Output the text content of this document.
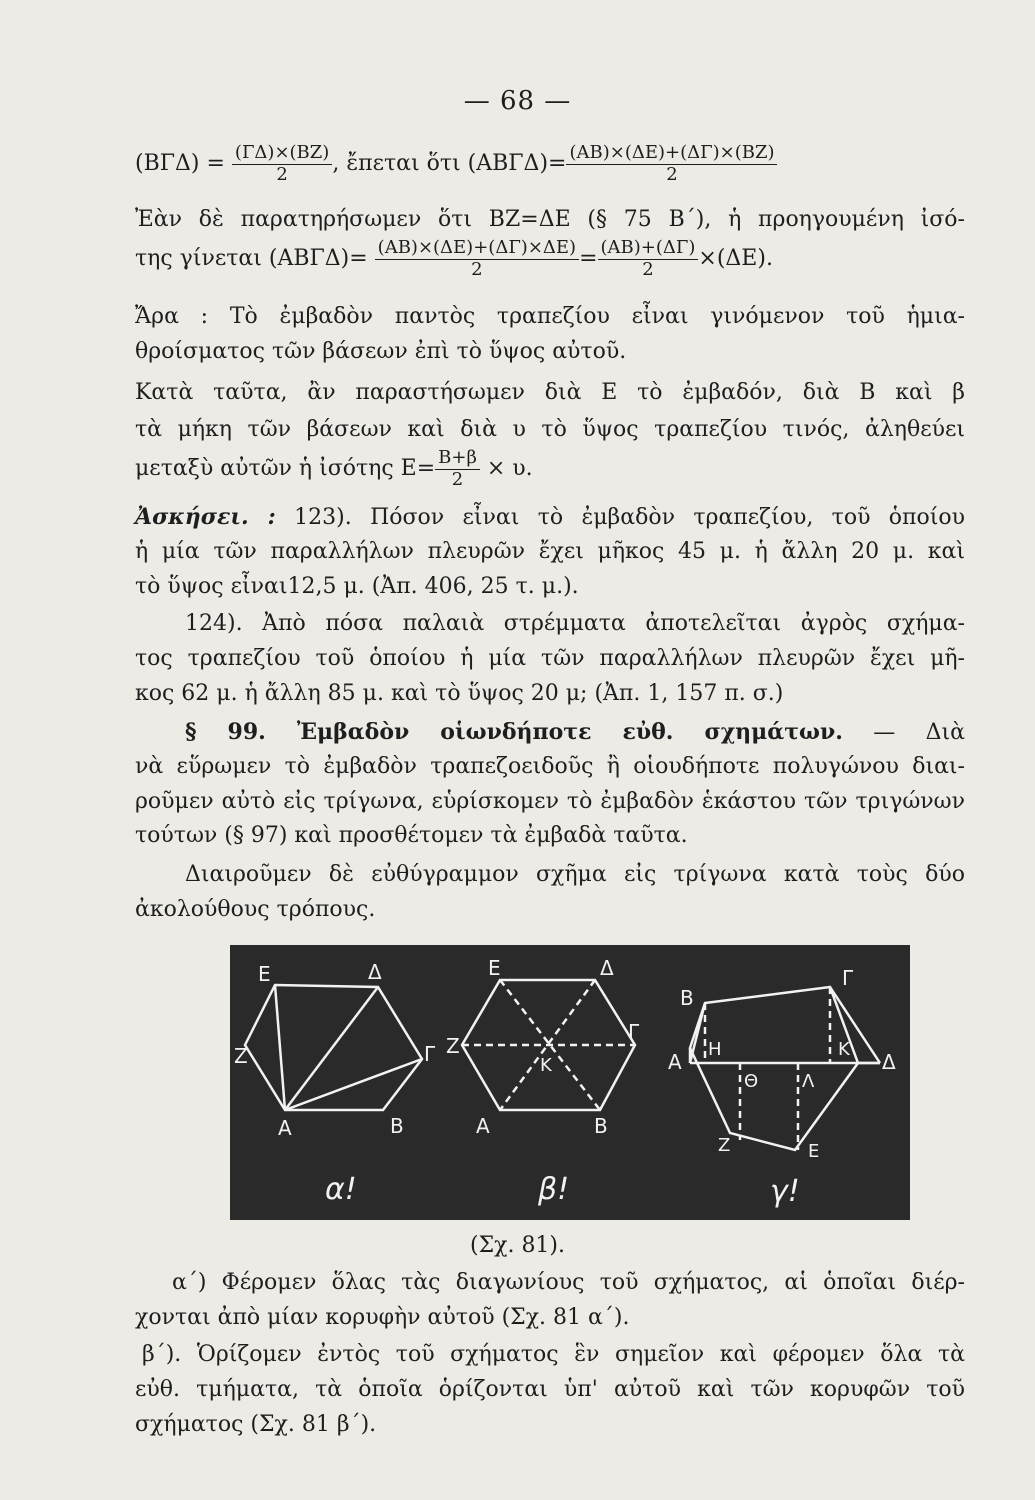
— 68 —
$(B\Gamma\Delta) = \frac{(\Gamma\Delta)\times(BZ)}{2}$ , ἔπεται ὅτι $(AB\Gamma\Delta)= \frac{(AB)\times(\Delta E)+(\Delta\Gamma)\times(BZ)}{2}$
Ἐὰν δὲ παρατηρήσωμεν ὅτι ΒΖ=ΔΕ (§ 75 Β΄), ἡ προηγουμένη ἰσό-
της γίνεται $(AB\Gamma\Delta)= \frac{(AB)\times(\Delta E)+(\Delta\Gamma)\times\Delta E)}{2} = \frac{(AB)+(\Delta\Gamma)}{2} \times(\Delta E)$.
Ἄρα : Τὸ ἐμβαδὸν παντὸς τραπεζίου εἶναι γινόμενον τοῦ ἡμια-
θροίσματος τῶν βάσεων ἐπὶ τὸ ὕψος αὐτοῦ.
Κατὰ ταῦτα, ἂν παραστήσωμεν διὰ Ε τὸ ἐμβαδόν, διὰ Β καὶ β
τὰ μήκη τῶν βάσεων καὶ διὰ υ τὸ ὕψος τραπεζίου τινός, ἀληθεύει
μεταξὺ αὐτῶν ἡ ἰσότης $E= \frac{B+\beta}{2} \times \upsilon$.
Ἀσκήσει. : 123). Πόσον εἶναι τὸ ἐμβαδὸν τραπεζίου, τοῦ ὁποίου
ἡ μία τῶν παραλλήλων πλευρῶν ἔχει μῆκος 45 μ. ἡ ἄλλη 20 μ. καὶ
τὸ ὕψος εἶναι12,5 μ. (Ἀπ. 406, 25 τ. μ.).
124). Ἀπὸ πόσα παλαιὰ στρέμματα ἀποτελεῖται ἀγρὸς σχήμα-
τος τραπεζίου τοῦ ὁποίου ἡ μία τῶν παραλλήλων πλευρῶν ἔχει μῆ-
κος 62 μ. ἡ ἄλλη 85 μ. καὶ τὸ ὕψος 20 μ; (Ἀπ. 1, 157 π. σ.)
§ 99. Ἐμβαδὸν οἱωνδήποτε εὐθ. σχημάτων. — Διὰ
νὰ εὕρωμεν τὸ ἐμβαδὸν τραπεζοειδοῦς ἢ οἱουδήποτε πολυγώνου διαι-
ροῦμεν αὐτὸ εἰς τρίγωνα, εὑρίσκομεν τὸ ἐμβαδὸν ἑκάστου τῶν τριγώνων
τούτων (§ 97) καὶ προσθέτομεν τὰ ἐμβαδὰ ταῦτα.
Διαιροῦμεν δὲ εὐθύγραμμον σχῆμα εἰς τρίγωνα κατὰ τοὺς δύο
ἀκολούθους τρόπους.
Ε	Δ
Ζ	Γ
Α	Β
α!
Ε	Δ
Ζ
Γ
Κ
Α	Β
β!
Β
Γ
Η	Κ
Α	Δ
Θ Λ
Ζ	Ε
γ!
(Σχ. 81).
α΄) Φέρομεν ὅλας τὰς διαγωνίους τοῦ σχήματος, αἱ ὁποῖαι διέρ-
χονται ἀπὸ μίαν κορυφὴν αὐτοῦ (Σχ. 81 α΄).
β΄). Ὁρίζομεν ἐντὸς τοῦ σχήματος ἓν σημεῖον καὶ φέρομεν ὅλα τὰ
εὐθ. τμήματα, τὰ ὁποῖα ὁρίζονται ὑπ' αὐτοῦ καὶ τῶν κορυφῶν τοῦ
σχήματος (Σχ. 81 β΄).
